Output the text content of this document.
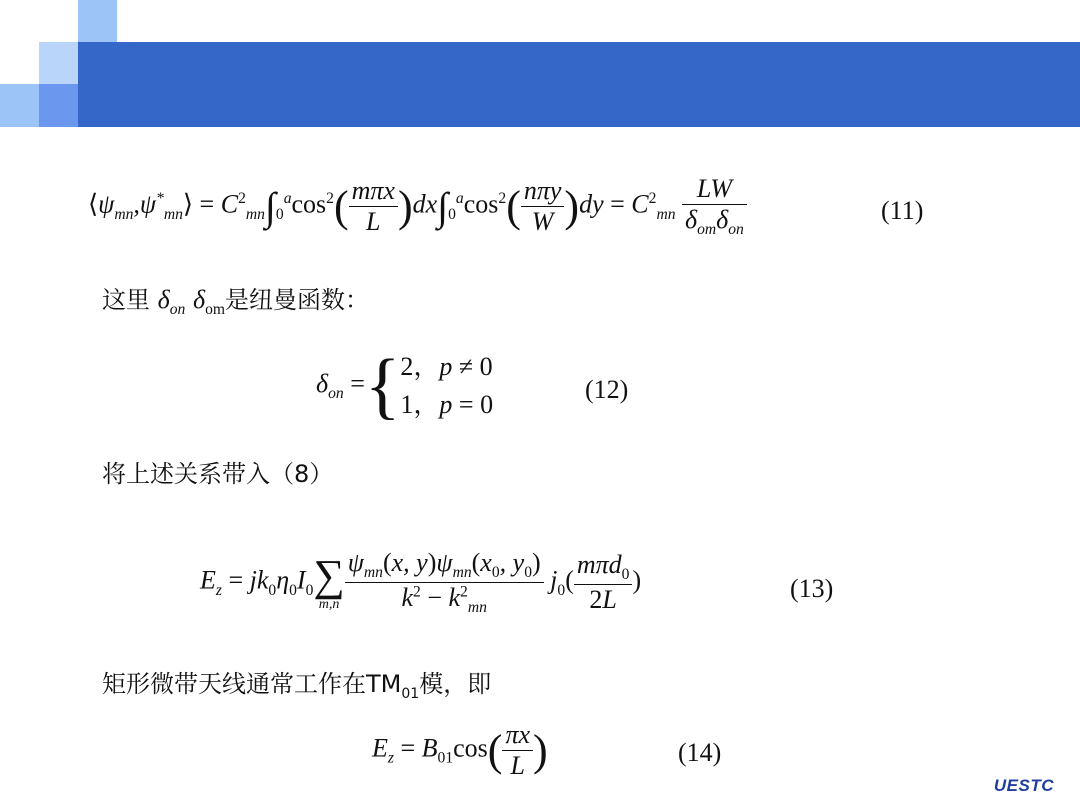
$⟨\psi_{mn},\psi^*_{mn}⟩ = C^2_{mn}\int_0^a\cos^2( \frac{\text{mπx}}{L} )dx\int_0^a\cos^2( \frac{\text{nπy}}{W} )dy = C^2_{mn} \frac{LW}{\delta_{om}\delta_{on}}$	(11)
这里 $\delta_{on}$ $\delta_{om}$是纽曼函数：
$\delta_{on}$ ={ 2，p ≠ 0
1，p = 0
(12)
将上述关系带入（8）
$E_z = jk_0\eta_0I_0$ ∑
$m,n \frac{\psi_{mn}(x, y)\psi_{mn}(x_0, y_0)}{k^2 - k^2_{mn}} j_0( \frac{m\pi d_0}{2L}$ )	(13)
矩形微带天线通常工作在$TM_{01}$模，即
$E_z = B_{01}\cos( \frac{\pi x}{L}$ )	(14)
UESTC
